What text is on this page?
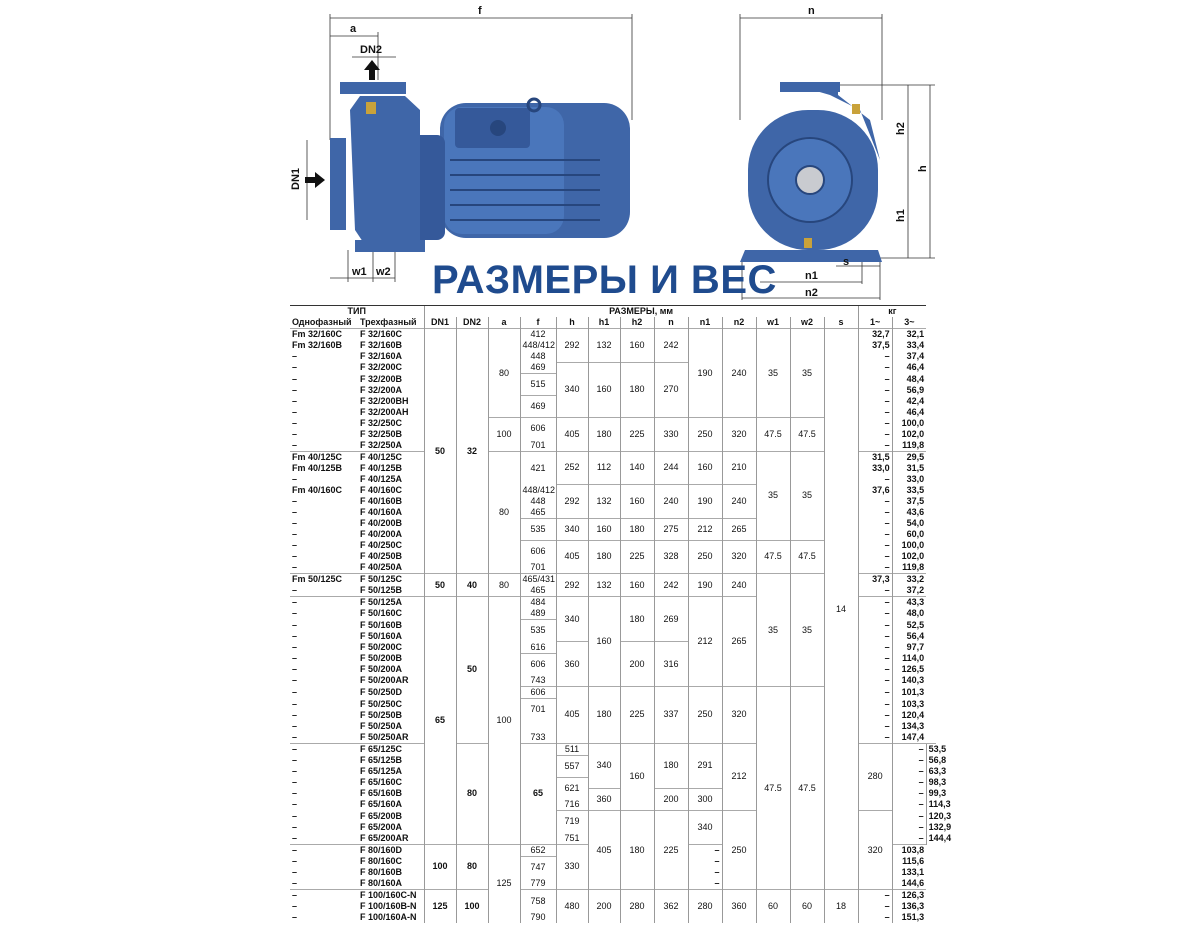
f
a
DN2
DN1
w1 w2
n
h2
h
h1
s
n1
n2
РАЗМЕРЫ И ВЕС
ТИП		РАЗМЕРЫ, мм													кг		
Однофазный	Трехфазный	DN1	DN2	a	f	h	h1	h2	n	n1	n2	w1	w2	s	1~	3~	
Fm 32/160C	F 32/160C	50	32	80	412	292	132	160	242	190	240	35	35	14	32,7	32,1	
Fm 32/160B	F 32/160B				448/412										37,5	33,4	
–	F 32/160A				448										–	37,4	
–	F 32/200C				469	340	160	180	270						–	46,4	
–	F 32/200B				515										–	48,4	
–	F 32/200A														–	56,9	
–	F 32/200BH				469										–	42,4	
–	F 32/200AH														–	46,4	
–	F 32/250C			100	606	405	180	225	330	250	320	47.5	47.5		–	100,0	
–	F 32/250B														–	102,0	
–	F 32/250A				701										–	119,8	
Fm 40/125C	F 40/125C			80	421	252	112	140	244	160	210	35	35		31,5	29,5	
Fm 40/125B	F 40/125B														33,0	31,5	
–	F 40/125A														–	33,0	
Fm 40/160C	F 40/160C				448/412	292	132	160	240	190	240				37,6	33,5	
–	F 40/160B				448										–	37,5	
–	F 40/160A				465										–	43,6	
–	F 40/200B				535	340	160	180	275	212	265				–	54,0	
–	F 40/200A														–	60,0	
–	F 40/250C				606	405	180	225	328	250	320	47.5	47.5		–	100,0	
–	F 40/250B														–	102,0	
–	F 40/250A				701										–	119,8	
Fm 50/125C	F 50/125C	50	40	80	465/431	292	132	160	242	190	240	35	35		37,3	33,2	
–	F 50/125B				465										–	37,2	
–	F 50/125A	65	50	100	484	340	160	180	269	212	265				–	43,3	
–	F 50/160C				489										–	48,0	
–	F 50/160B				535										–	52,5	
–	F 50/160A														–	56,4	
–	F 50/200C				616	360		200	316						–	97,7	
–	F 50/200B				606										–	114,0	
–	F 50/200A														–	126,5	
–	F 50/200AR				743										–	140,3	
–	F 50/250D				606	405	180	225	337	250	320	47.5	47.5		–	101,3	
–	F 50/250C				701										–	103,3	
–	F 50/250B														–	120,4	
–	F 50/250A														–	134,3	
–	F 50/250AR				733										–	147,4	
–	F 65/125C		80		65	511	340	160	180	291	212				280	–	53,5
–	F 65/125B					557										–	56,8
–	F 65/125A															–	63,3
–	F 65/160C					621										–	98,3
–	F 65/160B						360		200	300						–	99,3
–	F 65/160A					716										–	114,3
–	F 65/200B					719	405	180	225	340	250				320	–	120,3
–	F 65/200A															–	132,9
–	F 65/200AR					751										–	144,4
–	F 80/160D	100	80	125	652	330				–						103,8	
–	F 80/160C				747					–						115,6	
–	F 80/160B									–						133,1	
–	F 80/160A				779					–						144,6	
–	F 100/160C-N	125	100		758	480	200	280	362	280	360	60	60	18	–	126,3	
–	F 100/160B-N														–	136,3	
–	F 100/160A-N				790										–	151,3	
